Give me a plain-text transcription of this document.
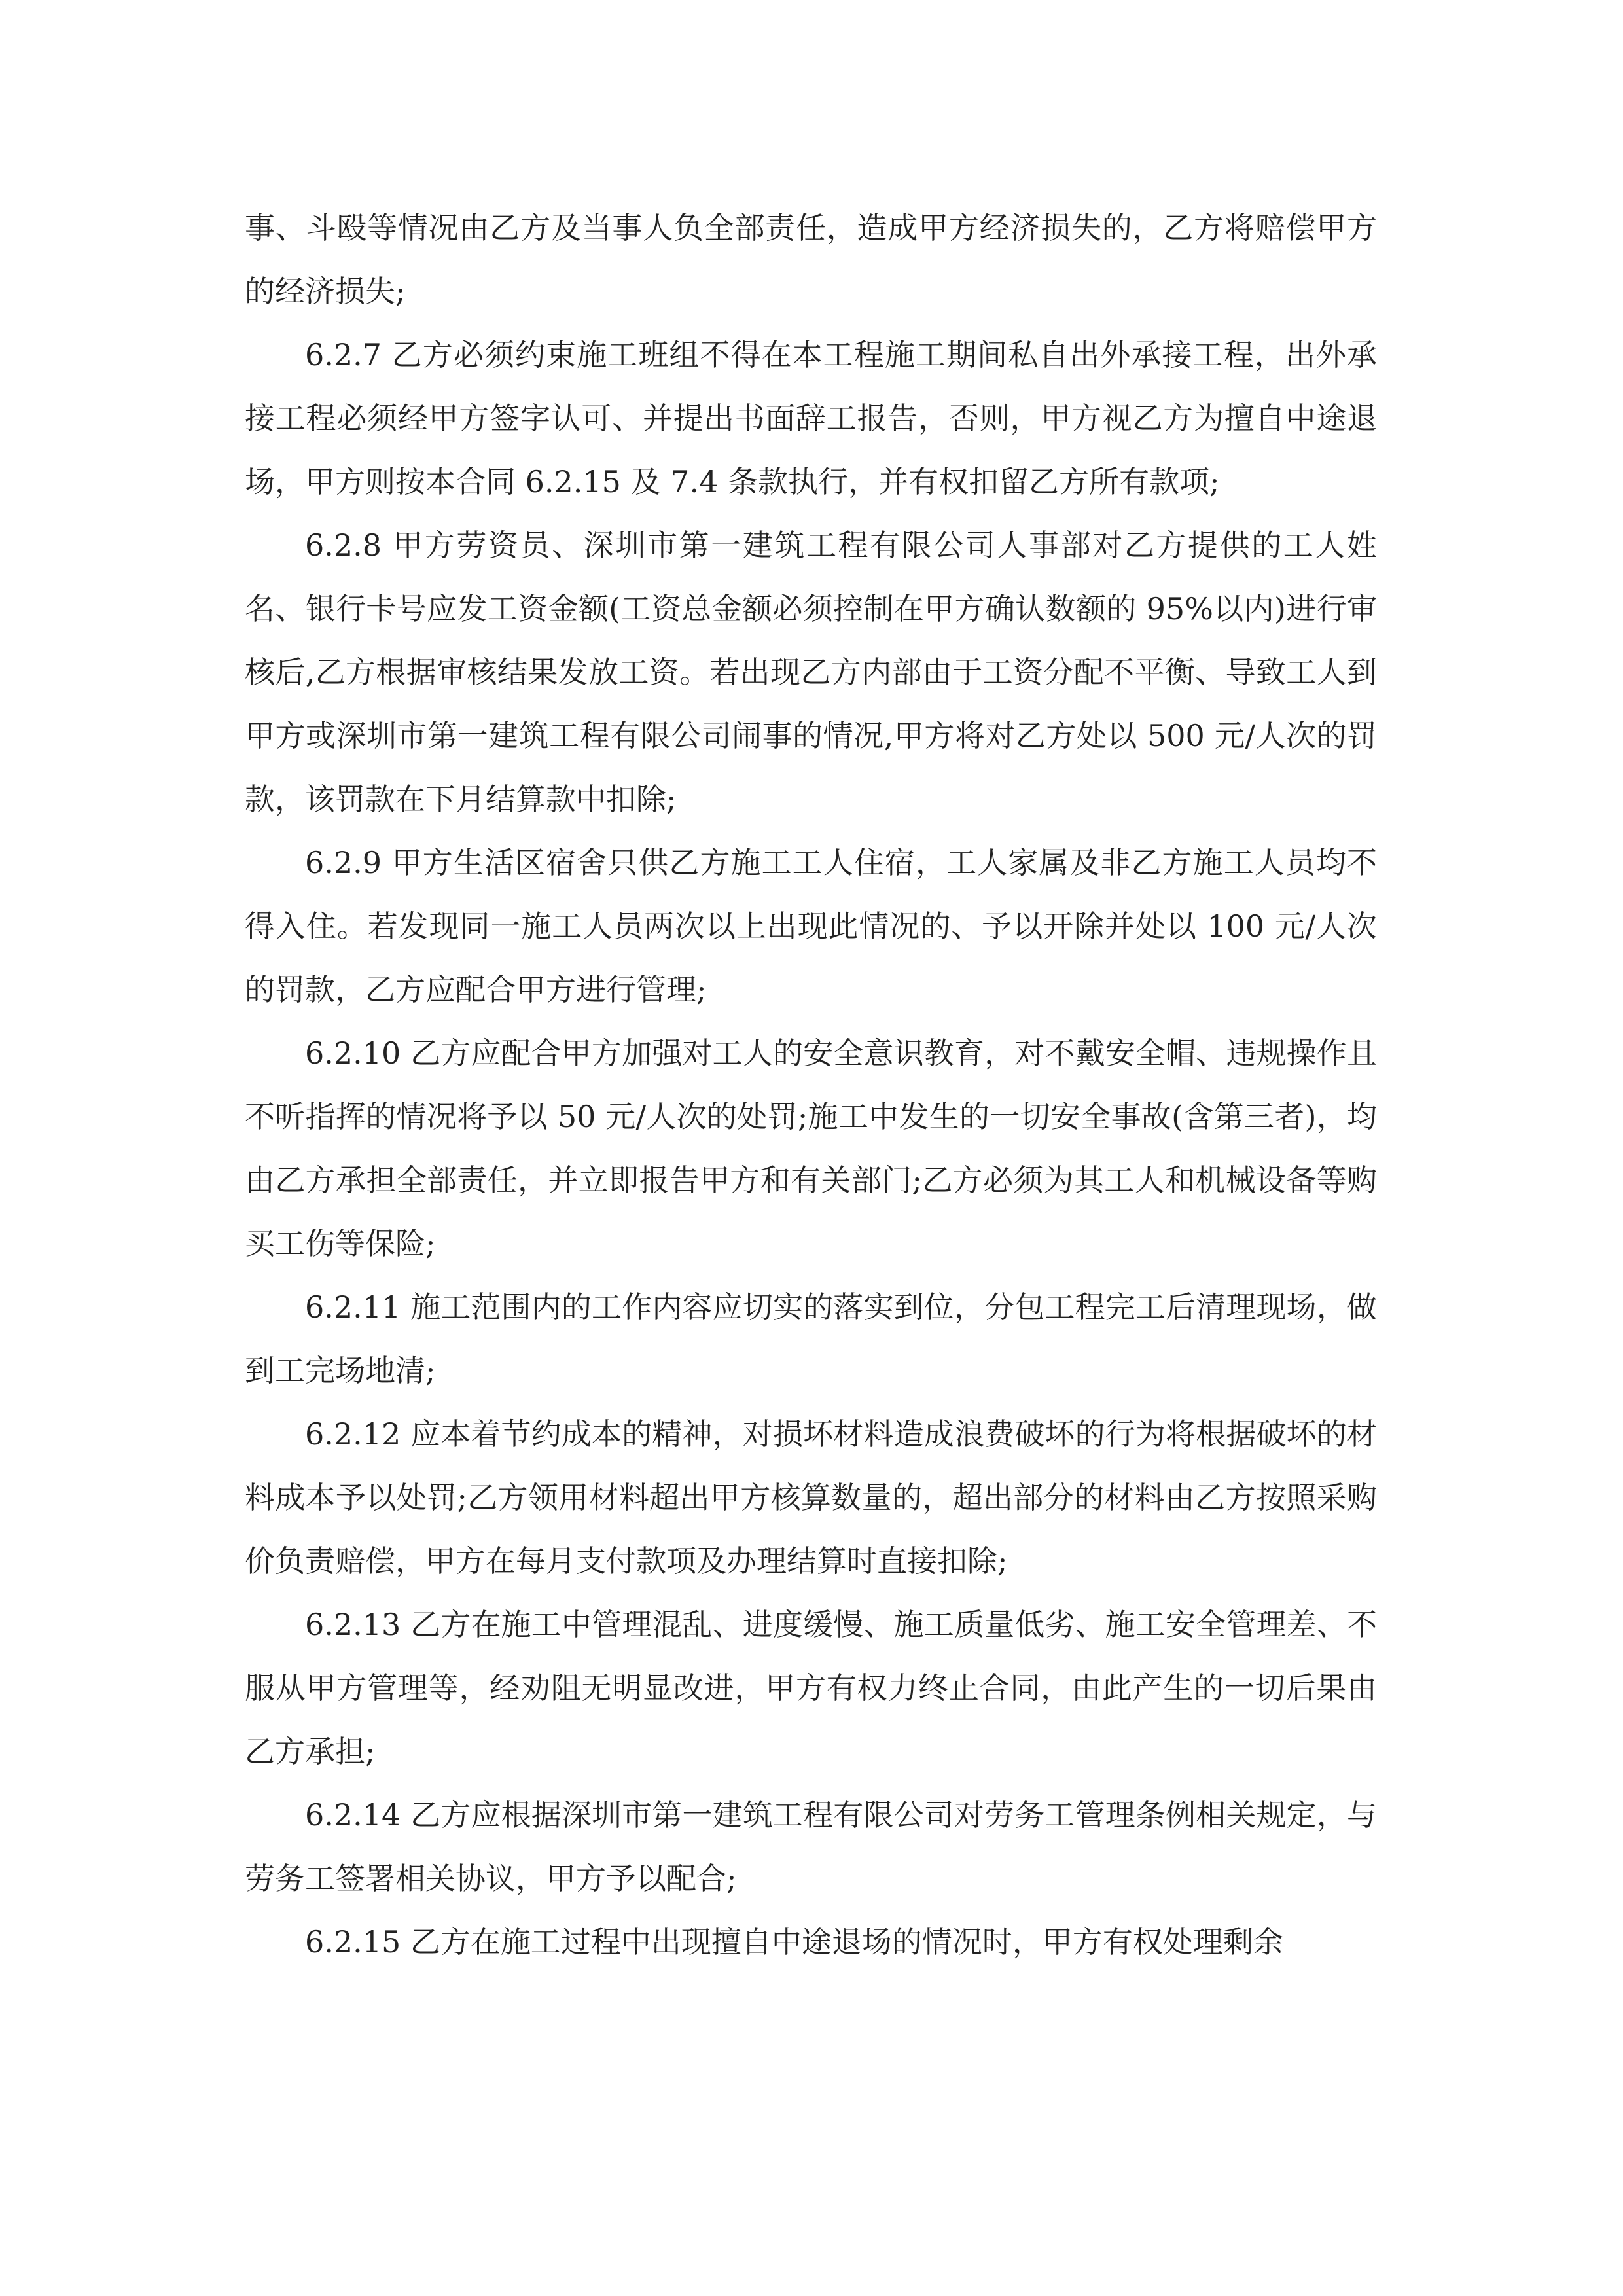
事、斗殴等情况由乙方及当事人负全部责任，造成甲方经济损失的，乙方将赔偿甲方的经济损失;

6.2.7 乙方必须约束施工班组不得在本工程施工期间私自出外承接工程，出外承接工程必须经甲方签字认可、并提出书面辞工报告，否则，甲方视乙方为擅自中途退场，甲方则按本合同 6.2.15 及 7.4 条款执行，并有权扣留乙方所有款项;

6.2.8 甲方劳资员、深圳市第一建筑工程有限公司人事部对乙方提供的工人姓名、银行卡号应发工资金额(工资总金额必须控制在甲方确认数额的 95%以内)进行审核后,乙方根据审核结果发放工资。若出现乙方内部由于工资分配不平衡、导致工人到甲方或深圳市第一建筑工程有限公司闹事的情况,甲方将对乙方处以 500 元/人次的罚款，该罚款在下月结算款中扣除;

6.2.9 甲方生活区宿舍只供乙方施工工人住宿，工人家属及非乙方施工人员均不得入住。若发现同一施工人员两次以上出现此情况的、予以开除并处以 100 元/人次的罚款，乙方应配合甲方进行管理;

6.2.10 乙方应配合甲方加强对工人的安全意识教育，对不戴安全帽、违规操作且不听指挥的情况将予以 50 元/人次的处罚;施工中发生的一切安全事故(含第三者)，均由乙方承担全部责任，并立即报告甲方和有关部门;乙方必须为其工人和机械设备等购买工伤等保险;

6.2.11 施工范围内的工作内容应切实的落实到位，分包工程完工后清理现场，做到工完场地清;

6.2.12 应本着节约成本的精神，对损坏材料造成浪费破坏的行为将根据破坏的材料成本予以处罚;乙方领用材料超出甲方核算数量的，超出部分的材料由乙方按照采购价负责赔偿，甲方在每月支付款项及办理结算时直接扣除;

6.2.13 乙方在施工中管理混乱、进度缓慢、施工质量低劣、施工安全管理差、不服从甲方管理等，经劝阻无明显改进，甲方有权力终止合同，由此产生的一切后果由乙方承担;

6.2.14 乙方应根据深圳市第一建筑工程有限公司对劳务工管理条例相关规定，与劳务工签署相关协议，甲方予以配合;

6.2.15 乙方在施工过程中出现擅自中途退场的情况时，甲方有权处理剩余
